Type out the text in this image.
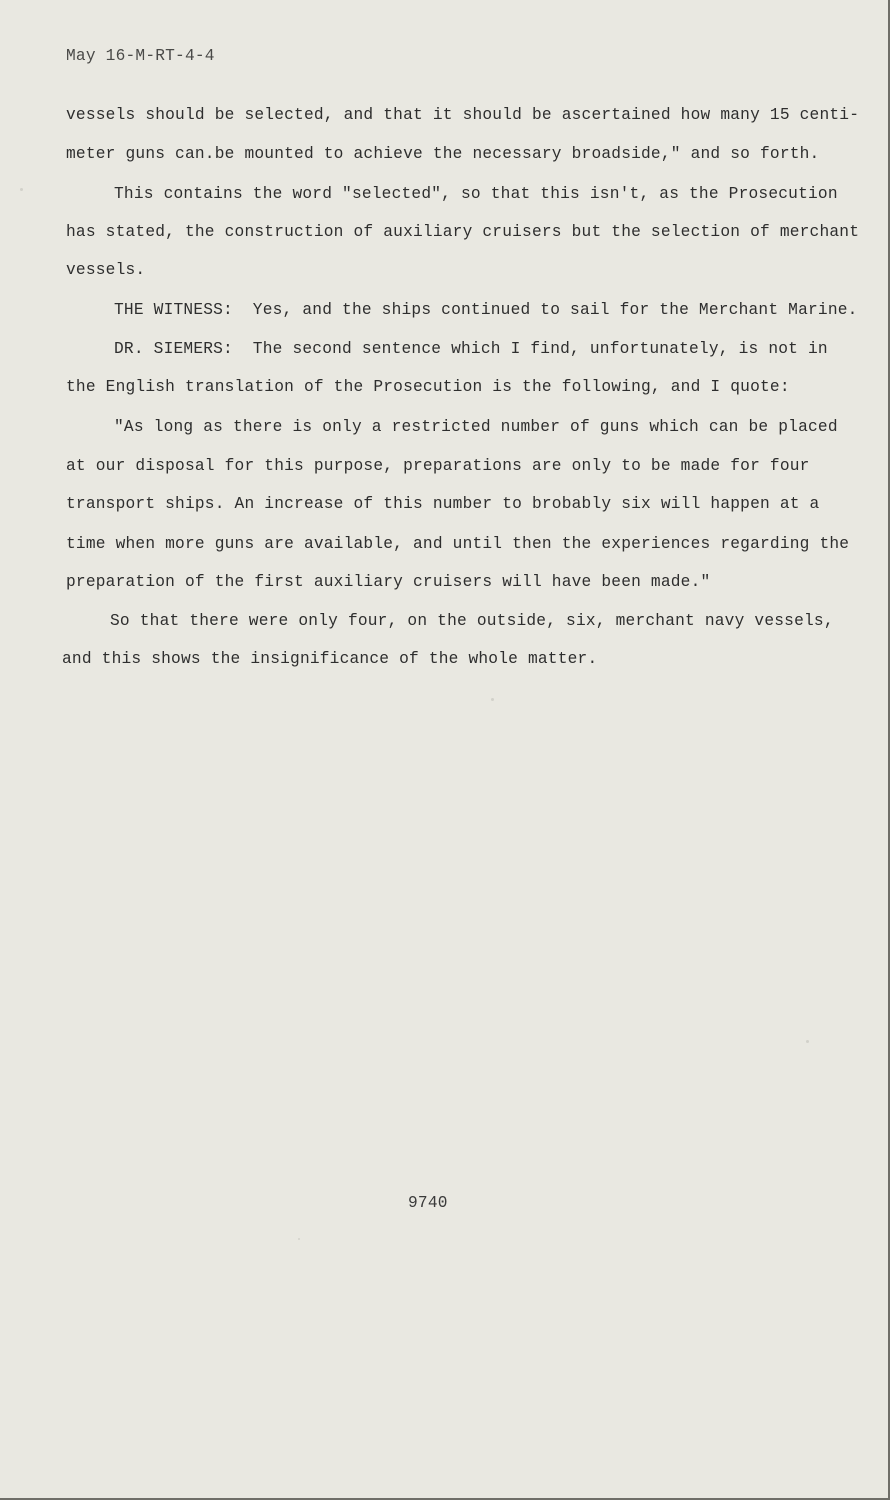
May 16-M-RT-4-4
vessels should be selected, and that it should be ascertained how many 15 centi-
meter guns can.be mounted to achieve the necessary broadside," and so forth.
This contains the word "selected", so that this isn't, as the Prosecution
has stated, the construction of auxiliary cruisers but the selection of merchant
vessels.
THE WITNESS:  Yes, and the ships continued to sail for the Merchant Marine.
DR. SIEMERS:  The second sentence which I find, unfortunately, is not in
the English translation of the Prosecution is the following, and I quote:
"As long as there is only a restricted number of guns which can be placed
at our disposal for this purpose, preparations are only to be made for four
transport ships. An increase of this number to brobably six will happen at a
time when more guns are available, and until then the experiences regarding the
preparation of the first auxiliary cruisers will have been made."
So that there were only four, on the outside, six, merchant navy vessels,
and this shows the insignificance of the whole matter.
9740
